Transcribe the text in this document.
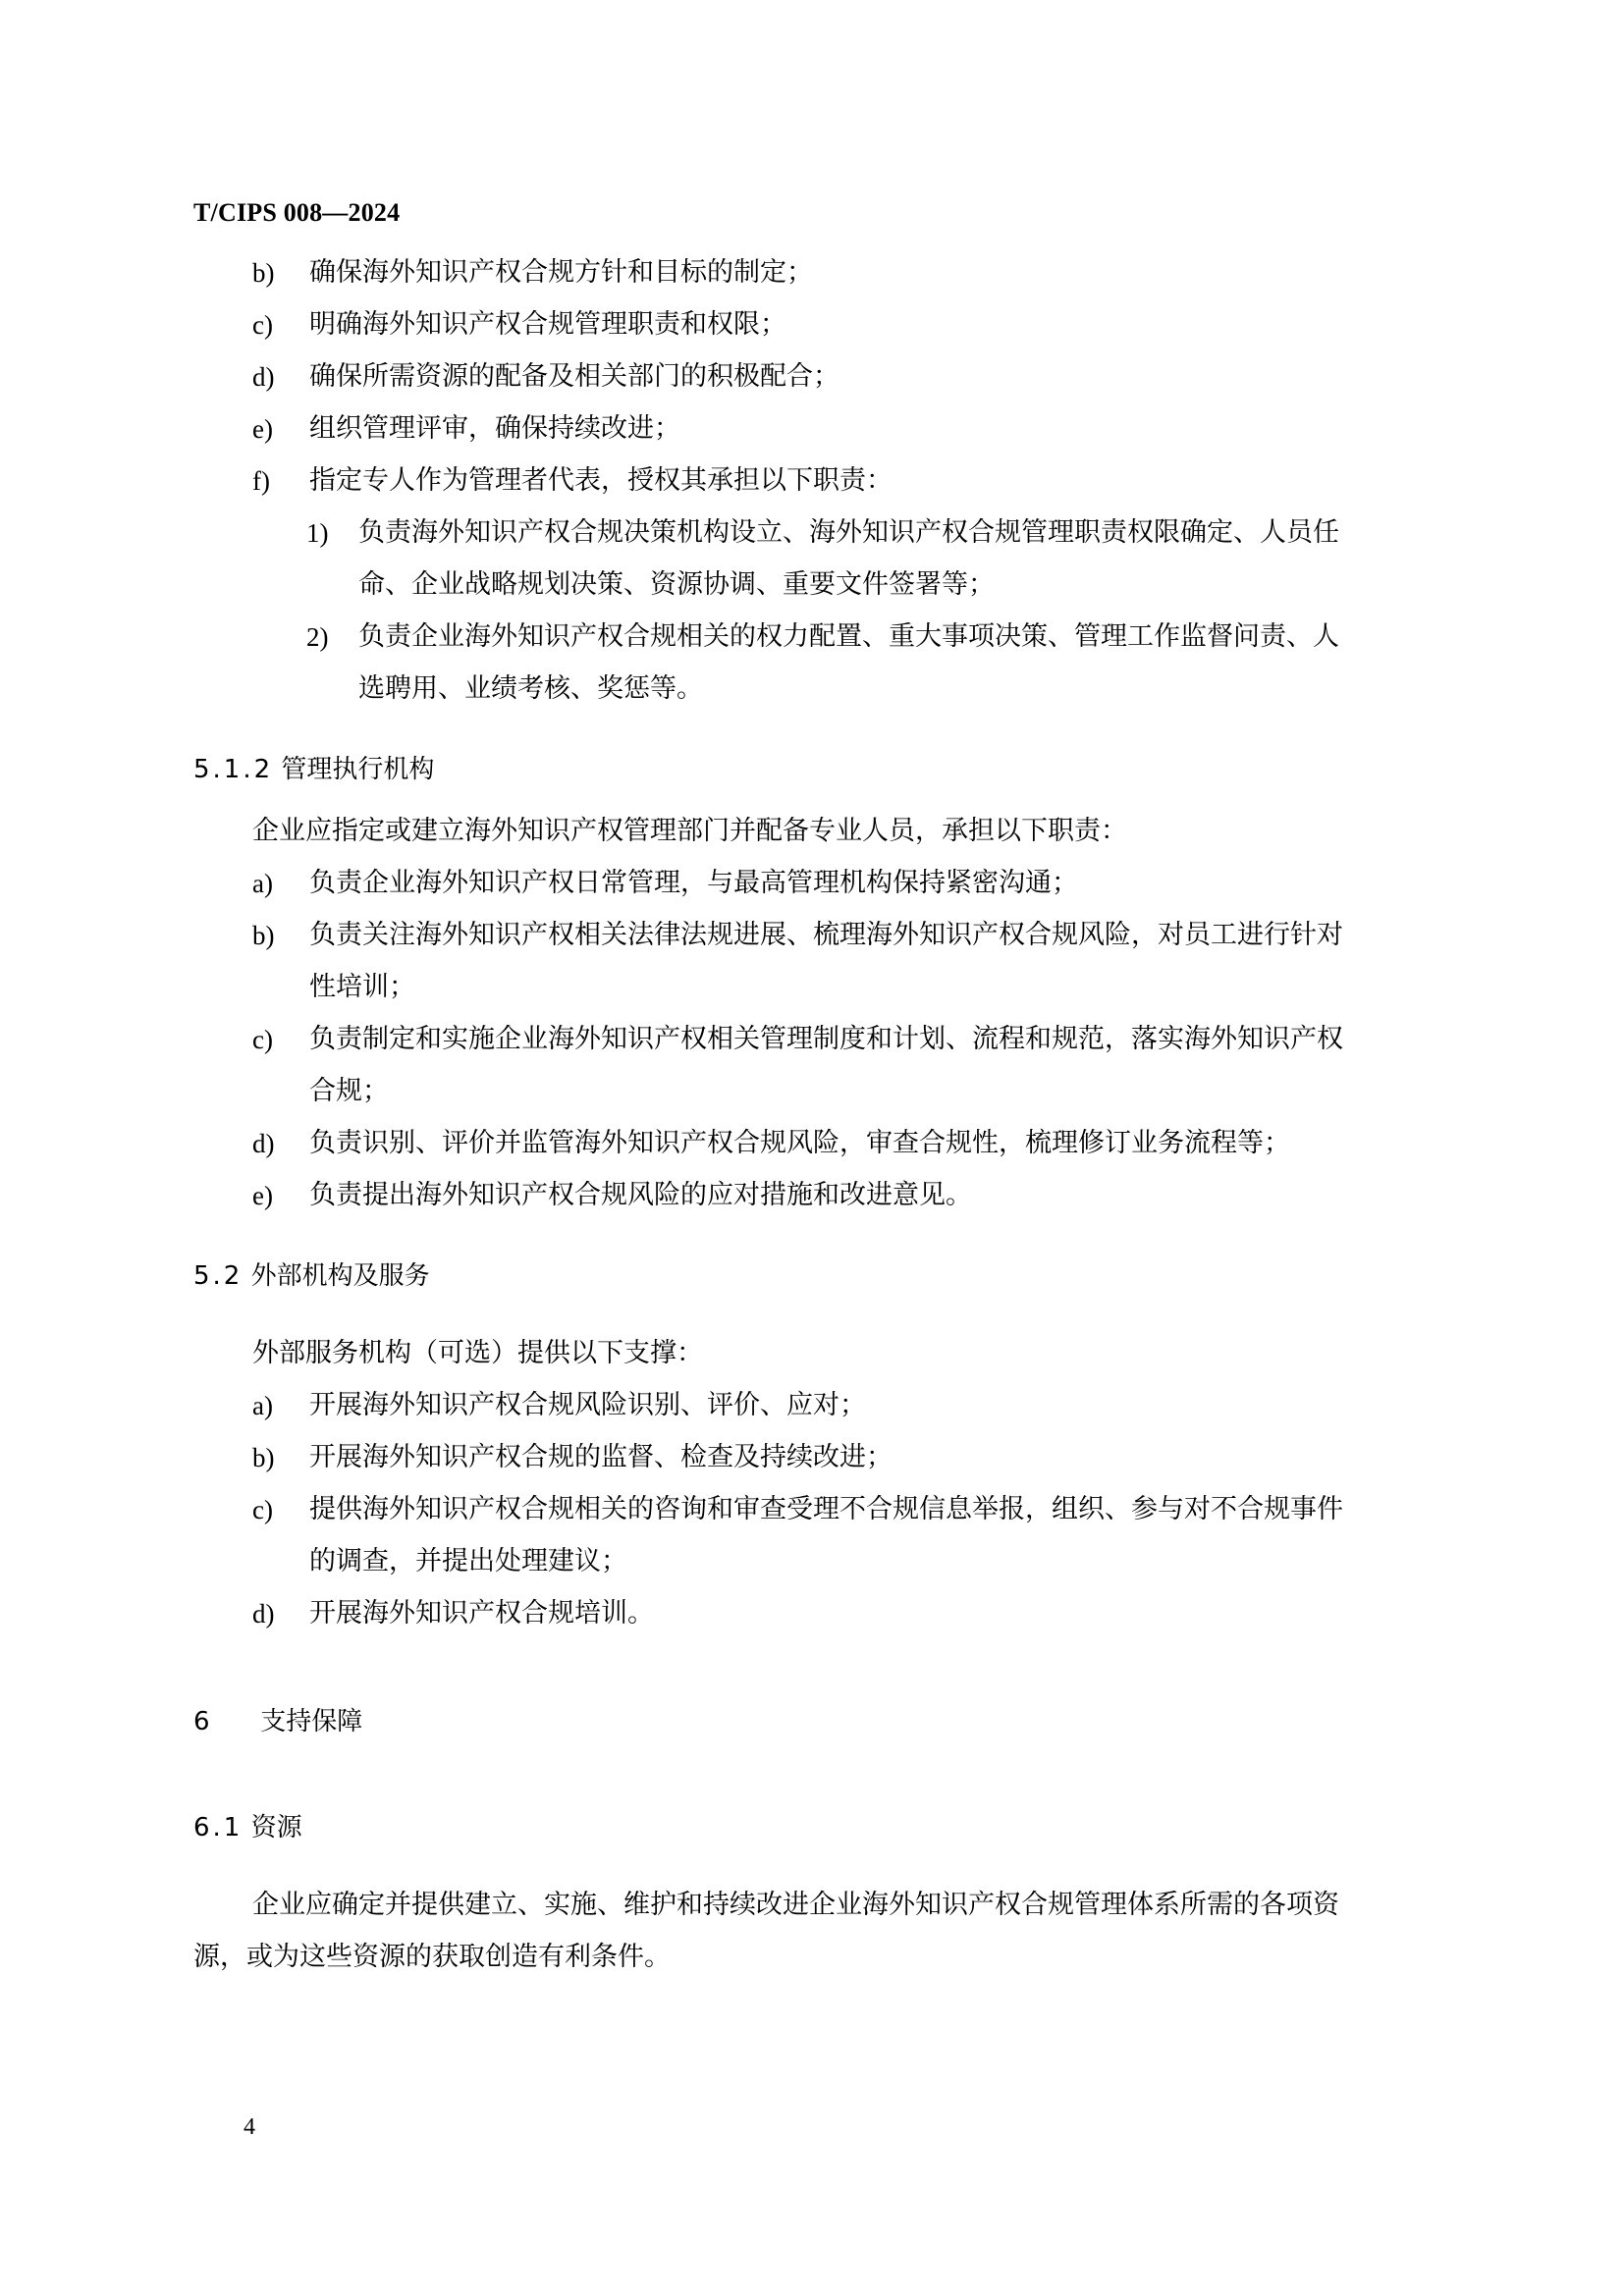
T/CIPS 008—2024
b)	确保海外知识产权合规方针和目标的制定；
c)	明确海外知识产权合规管理职责和权限；
d)	确保所需资源的配备及相关部门的积极配合；
e)	组织管理评审，确保持续改进；
f)	指定专人作为管理者代表，授权其承担以下职责：
1)	负责海外知识产权合规决策机构设立、海外知识产权合规管理职责权限确定、人员任
命、企业战略规划决策、资源协调、重要文件签署等；
2)	负责企业海外知识产权合规相关的权力配置、重大事项决策、管理工作监督问责、人
选聘用、业绩考核、奖惩等。
5.1.2 管理执行机构
企业应指定或建立海外知识产权管理部门并配备专业人员，承担以下职责：
a)	负责企业海外知识产权日常管理，与最高管理机构保持紧密沟通；
b)	负责关注海外知识产权相关法律法规进展、梳理海外知识产权合规风险，对员工进行针对
性培训；
c)	负责制定和实施企业海外知识产权相关管理制度和计划、流程和规范，落实海外知识产权
合规；
d)	负责识别、评价并监管海外知识产权合规风险，审查合规性，梳理修订业务流程等；
e)	负责提出海外知识产权合规风险的应对措施和改进意见。
5.2 外部机构及服务
外部服务机构（可选）提供以下支撑：
a)	开展海外知识产权合规风险识别、评价、应对；
b)	开展海外知识产权合规的监督、检查及持续改进；
c)	提供海外知识产权合规相关的咨询和审查受理不合规信息举报，组织、参与对不合规事件
的调查，并提出处理建议；
d)	开展海外知识产权合规培训。
6 支持保障
6.1 资源
企业应确定并提供建立、实施、维护和持续改进企业海外知识产权合规管理体系所需的各项资
源，或为这些资源的获取创造有利条件。
4
